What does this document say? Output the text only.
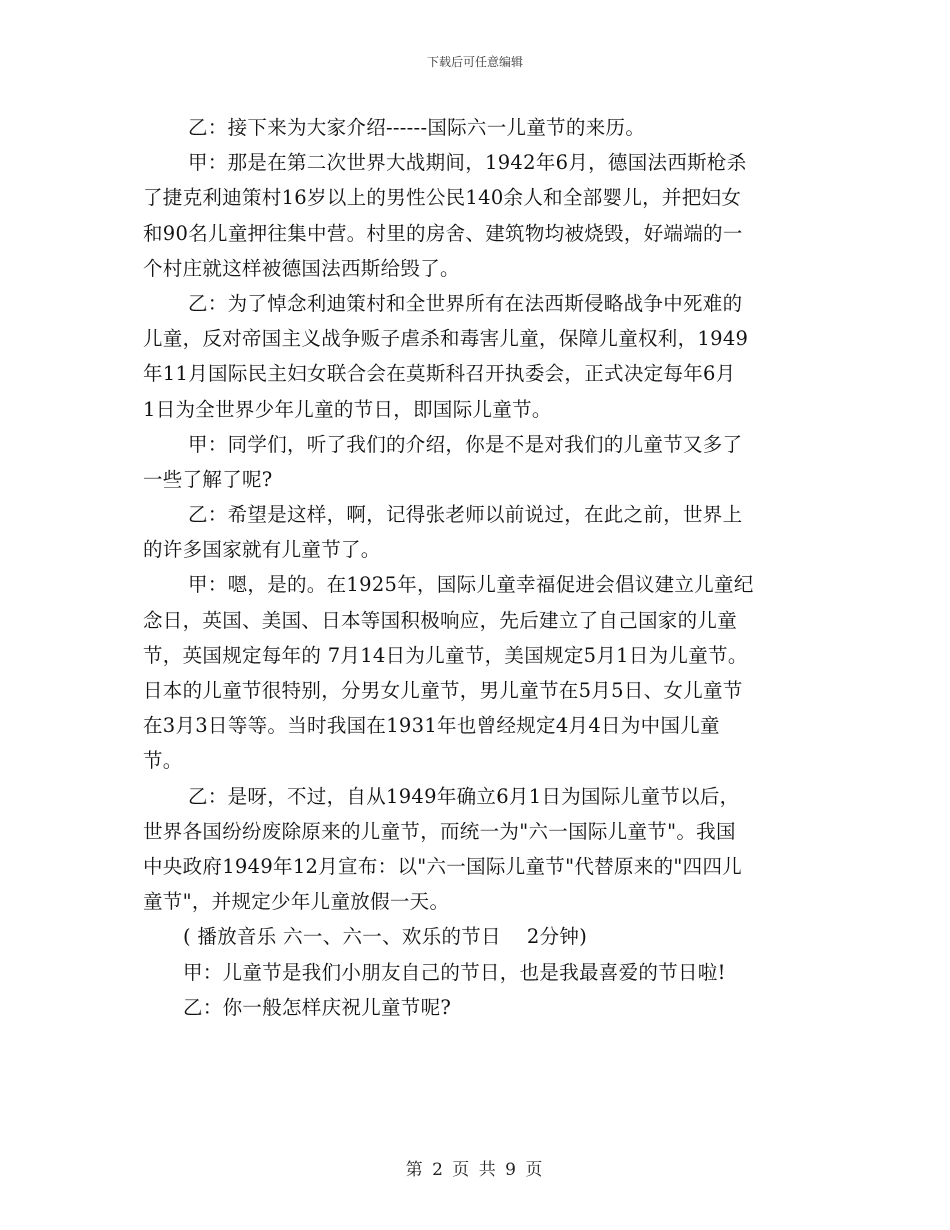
下载后可任意编辑
乙：接下来为大家介绍------国际六一儿童节的来历。
甲：那是在第二次世界大战期间，1942年6月，德国法西斯枪杀
了捷克利迪策村16岁以上的男性公民140余人和全部婴儿，并把妇女
和90名儿童押往集中营。村里的房舍、建筑物均被烧毁，好端端的一
个村庄就这样被德国法西斯给毁了。
乙：为了悼念利迪策村和全世界所有在法西斯侵略战争中死难的
儿童，反对帝国主义战争贩子虐杀和毒害儿童，保障儿童权利，1949
年11月国际民主妇女联合会在莫斯科召开执委会，正式决定每年6月
1日为全世界少年儿童的节日，即国际儿童节。
甲：同学们，听了我们的介绍，你是不是对我们的儿童节又多了
一些了解了呢?
乙：希望是这样，啊，记得张老师以前说过，在此之前，世界上
的许多国家就有儿童节了。
甲：嗯，是的。在1925年，国际儿童幸福促进会倡议建立儿童纪
念日，英国、美国、日本等国积极响应，先后建立了自己国家的儿童
节，英国规定每年的 7月14日为儿童节，美国规定5月1日为儿童节。
日本的儿童节很特别，分男女儿童节，男儿童节在5月5日、女儿童节
在3月3日等等。当时我国在1931年也曾经规定4月4日为中国儿童
节。
乙：是呀，不过，自从1949年确立6月1日为国际儿童节以后，
世界各国纷纷废除原来的儿童节，而统一为"六一国际儿童节"。我国
中央政府1949年12月宣布：以"六一国际儿童节"代替原来的"四四儿
童节"，并规定少年儿童放假一天。
( 播放音乐 六一、六一、欢乐的节日    2分钟)
甲：儿童节是我们小朋友自己的节日，也是我最喜爱的节日啦!
乙：你一般怎样庆祝儿童节呢?
第 2 页 共 9 页
